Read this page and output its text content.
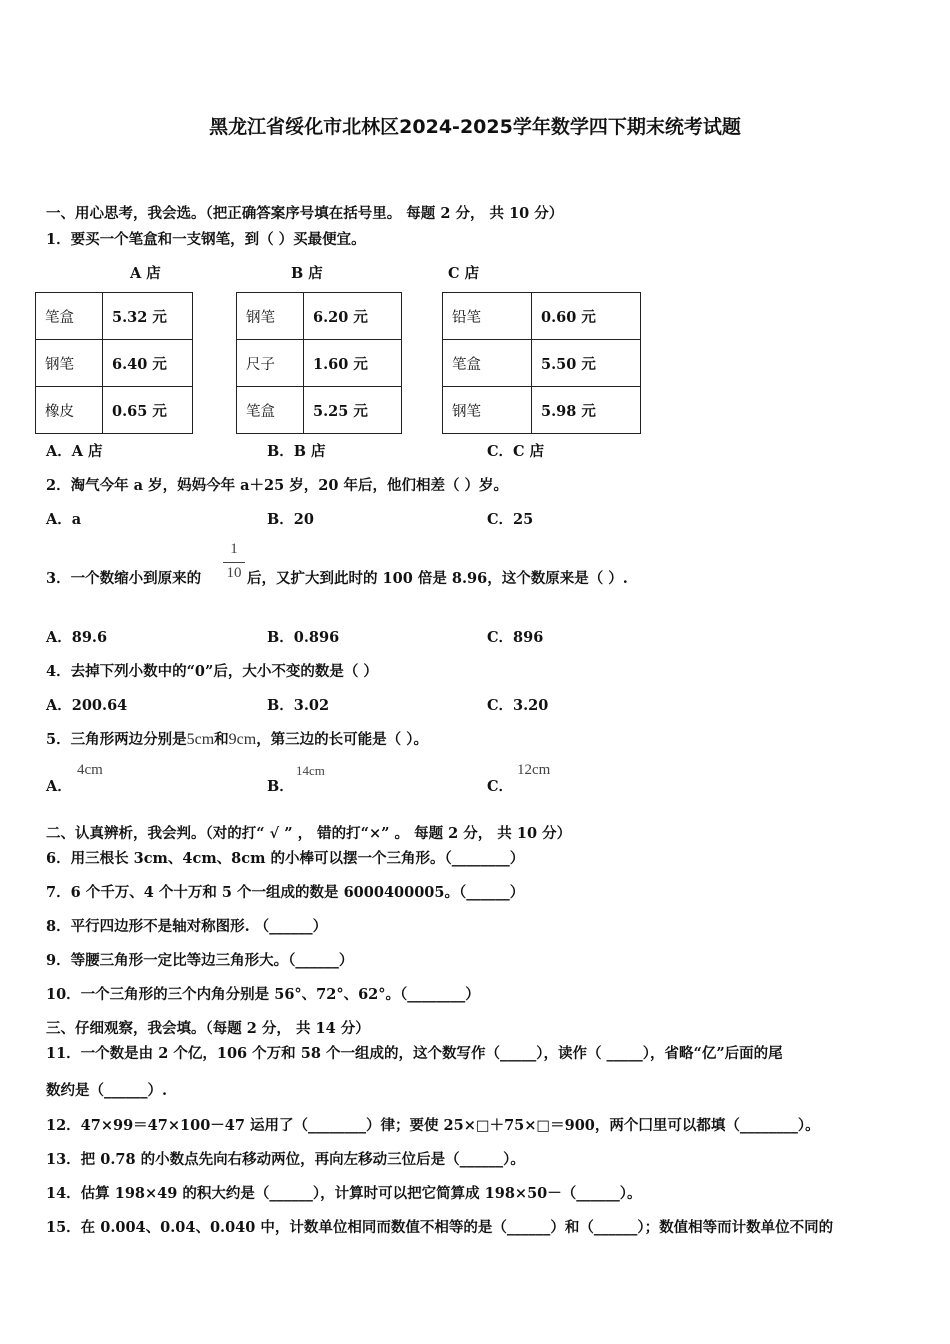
黑龙江省绥化市北林区2024-2025学年数学四下期末统考试题
一、用心思考，我会选。（把正确答案序号填在括号里。 每题 2 分， 共 10 分）
1．要买一个笔盒和一支钢笔，到（ ）买最便宜。
A 店	B 店	C 店
笔盒	5.32 元
钢笔	6.40 元
橡皮	0.65 元
钢笔	6.20 元
尺子	1.60 元
笔盒	5.25 元
铅笔	0.60 元
笔盒	5.50 元
钢笔	5.98 元
A．A 店	B．B 店	C．C 店
2．淘气今年 a 岁，妈妈今年 a＋25 岁，20 年后，他们相差（ ）岁。
A．a	B．20	C．25
3．一个数缩小到原来的
1
10 后，又扩大到此时的 100 倍是 8.96，这个数原来是（ ）.
A．89.6	B．0.896	C．896
4．去掉下列小数中的“0”后，大小不变的数是（ ）
A．200.64	B．3.02	C．3.20
5．三角形两边分别是5cm和9cm，第三边的长可能是（ ）。
A．
4cm
B．
14cm
C．
12cm
二、认真辨析，我会判。（对的打“ √ ” ， 错的打“×” 。 每题 2 分， 共 10 分）
6．用三根长 3cm、4cm、8cm 的小棒可以摆一个三角形。（________）
7．6 个千万、4 个十万和 5 个一组成的数是 6000400005。（______）
8．平行四边形不是轴对称图形. （______）
9．等腰三角形一定比等边三角形大。（______）
10．一个三角形的三个内角分别是 56°、72°、62°。（________）
三、仔细观察，我会填。（每题 2 分， 共 14 分）
11．一个数是由 2 个亿，106 个万和 58 个一组成的，这个数写作（_____），读作（ _____），省略“亿”后面的尾
数约是（______）.
12．47×99＝47×100－47 运用了（________）律；要使 25×□＋75×□＝900，两个囗里可以都填（________）。
13．把 0.78 的小数点先向右移动两位，再向左移动三位后是（______）。
14．估算 198×49 的积大约是（______），计算时可以把它简算成 198×50－（______）。
15．在 0.004、0.04、0.040 中，计数单位相同而数值不相等的是（______）和（______）；数值相等而计数单位不同的
